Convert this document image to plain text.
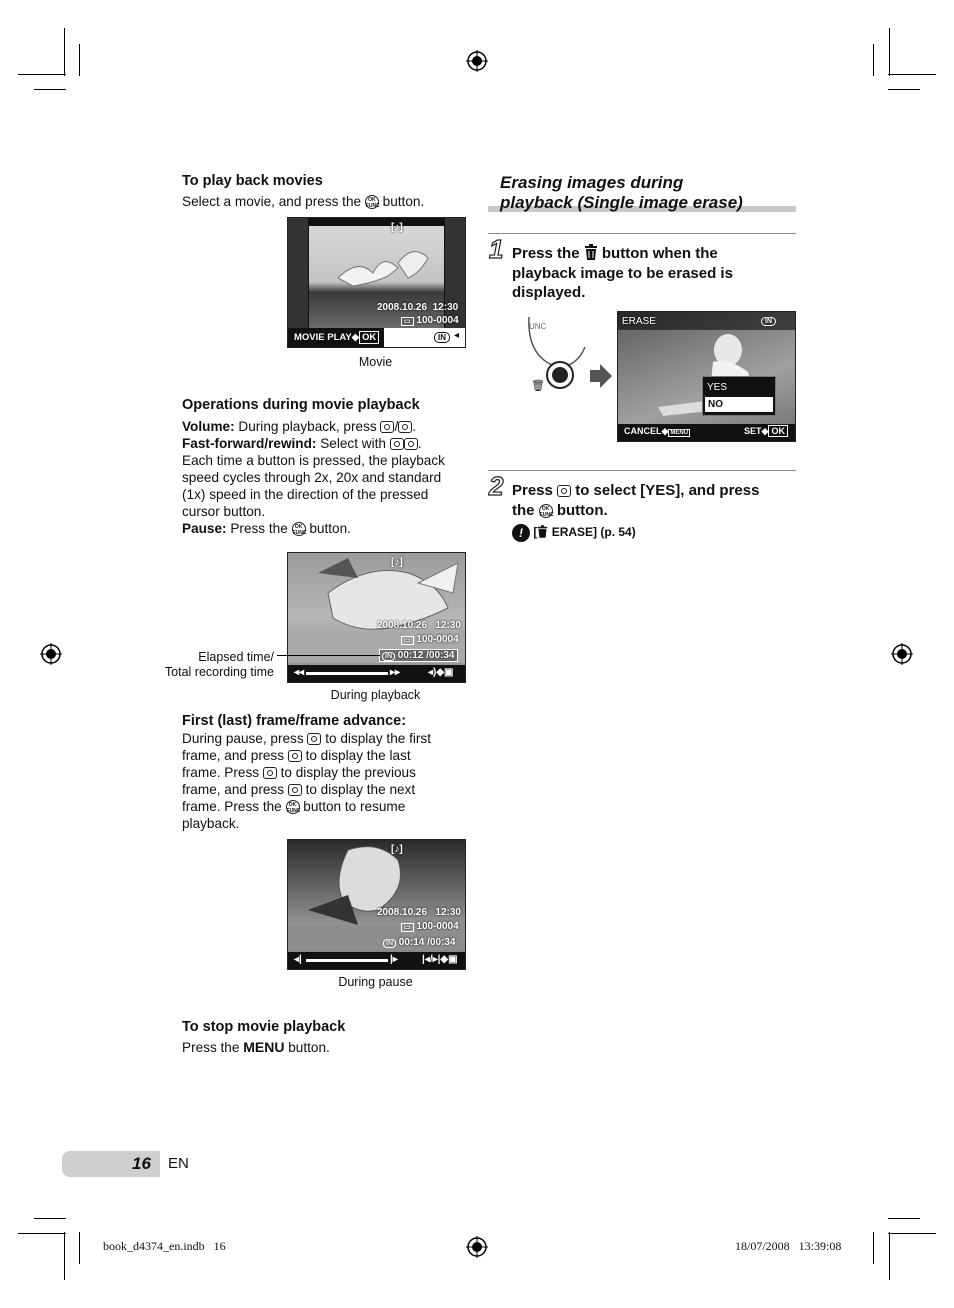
To play back movies
Select a movie, and press the OK
FUNC button.
[♪]
2008.10.26 12:30
▭ 100-0004
MOVIE PLAY◆ OK	IN ◂
Movie
Operations during movie playback
Volume: During playback, press / .
Fast-forward/rewind: Select with .
Each time a button is pressed, the playback speed cycles through 2x, 20x and standard (1x) speed in the direction of the pressed cursor button.
Pause: Press the OK
FUNC button.
[♪]
2008.10.26 12:30
▭ 100-0004
IN 00:12 /00:34
◂◂	▸▸	◂)◆▣
Elapsed time/
Total recording time
During playback
First (last) frame/frame advance:
During pause, press to display the first
frame, and press to display the last
frame. Press to display the previous
frame, and press to display the next
frame. Press the OK
FUNC button to resume
playback.
[♪]
2008.10.26 12:30
▭ 100-0004
IN 00:14 /00:34
◂|	|▸ |◂/▸|◆▣
During pause
To stop movie playback
Press the MENU button.
Erasing images during
playback (Single image erase)
1 Press the button when the
playback image to be erased is
displayed.
UNC
🗑
ERASE	IN
YES
NO
CANCEL◆ MENU	SET◆ OK
2 Press to select [YES], and press
the OK
FUNC button.
! [ ERASE] (p. 54)
16 EN
book_d4374_en.indb   16	18/07/2008   13:39:08
